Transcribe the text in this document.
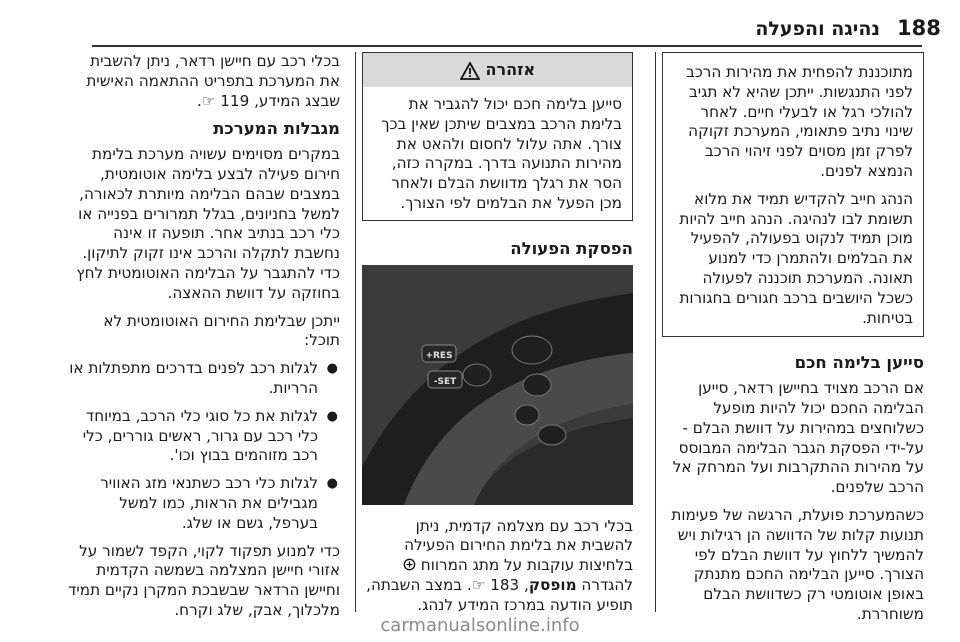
188
נהיגה והפעלה

מתוכננת להפחית את מהירות הרכב לפני התנגשות. ייתכן שהיא לא תגיב להולכי רגל או לבעלי חיים. לאחר שינוי נתיב פתאומי, המערכת זקוקה לפרק זמן מסוים לפני זיהוי הרכב הנמצא לפנים.

הנהג חייב להקדיש תמיד את מלוא תשומת לבו לנהיגה. הנהג חייב להיות מוכן תמיד לנקוט בפעולה, להפעיל את הבלמים ולהתמרן כדי למנוע תאונה. המערכת תוכננה לפעולה כשכל היושבים ברכב חגורים בחגורות בטיחות.

סייען בלימה חכם

אם הרכב מצויד בחיישן רדאר, סייען הבלימה החכם יכול להיות מופעל כשלוחצים במהירות על דוושת הבלם -על-ידי הפסקת הגבר הבלימה המבוסס על מהירות ההתקרבות ועל המרחק אל הרכב שלפנים.

כשהמערכת פועלת, הרגשה של פעימות תנועות קלות של הדוושה הן רגילות ויש להמשיך ללחוץ על דוושת הבלם לפי הצורך. סייען הבלימה החכם מתנתק באופן אוטומטי רק כשדוושת הבלם משוחררת.

אזהרה

סייען בלימה חכם יכול להגביר את בלימת הרכב במצבים שיתכן שאין בכך צורך. אתה עלול לחסום ולהאט את מהירות התנועה בדרך. במקרה כזה, הסר את רגלך מדוושת הבלם ולאחר מכן הפעל את הבלמים לפי הצורך.

הפסקת הפעולה
RES+
SET-

בכלי רכב עם מצלמה קדמית, ניתן להשבית את בלימת החירום הפעילה בלחיצות עוקבות על מתג המרווח  להגדרה מופסק, 183 ☞. במצב השבתה, תופיע הודעה במרכז המידע לנהג.

בכלי רכב עם חיישן רדאר, ניתן להשבית את המערכת בתפריט ההתאמה האישית שבצג המידע, 119 ☞.

מגבלות המערכת

במקרים מסוימים עשויה מערכת בלימת חירום פעילה לבצע בלימה אוטומטית, במצבים שבהם הבלימה מיותרת לכאורה, למשל בחניונים, בגלל תמרורים בפנייה או כלי רכב בנתיב אחר. תופעה זו אינה נחשבת לתקלה והרכב אינו זקוק לתיקון. כדי להתגבר על הבלימה האוטומטית לחץ בחוזקה על דוושת ההאצה.

ייתכן שבלימת החירום האוטומטית לא תוכל:

● לגלות רכב לפנים בדרכים מתפתלות או הרריות.
● לגלות את כל סוגי כלי הרכב, במיוחד כלי רכב עם גרור, ראשים גוררים, כלי רכב מזוהמים בבוץ וכו'.
● לגלות כלי רכב כשתנאי מזג האוויר מגבילים את הראות, כמו למשל בערפל, גשם או שלג.

כדי למנוע תפקוד לקוי, הקפד לשמור על אזורי חיישן המצלמה בשמשה הקדמית וחיישן הרדאר שבשבכת המקרן נקיים תמיד מלכלוך, אבק, שלג וקרח.

carmanualsonline.info
